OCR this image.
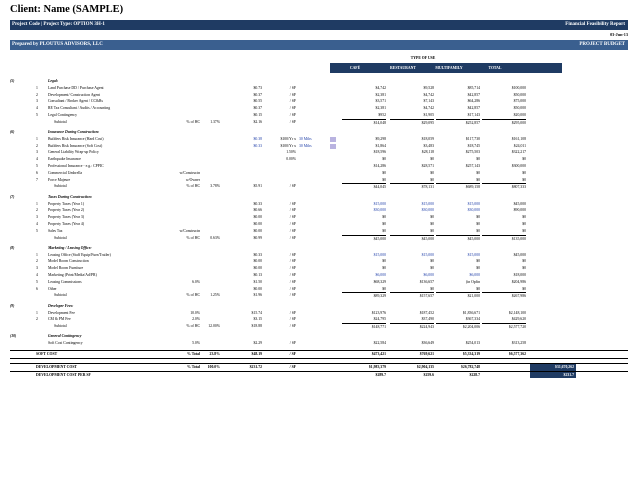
Client: Name (SAMPLE)
Project Code | Project Type: OPTION 3H-1	Financial Feasibility Report
03-Jun-13
Prepared by PLOUTUS ADVISORS, LLC	PROJECT BUDGET
TYPE OF USE
CAFÉ	RESTAURANT	MULTIFAMILY	TOTAL
(5)	Legal:
1	Land Purchase DD / Purchase Agent	$0.73	/ SF	$4,742	$9,528	$85,714	$100,000
2	Development/ Construction Agent	$0.37	/ SF	$2,381	$4,742	$42,857	$50,000
3	Consultant / Broker Agent / CC&Rs	$0.55	/ SF	$3,571	$7,143	$64,286	$75,000
4	RE Tax Consultant / Audits / Accounting	$0.37	/ SF	$2,381	$4,742	$42,857	$50,000
5	Legal Contingency	$0.15	/ SF	$952	$1,905	$17,143	$20,000
Subtotal	% of HC	1.37%	$2.16	/ SF	$14,048	$29,095	$252,857	$295,000
(6)	Insurance During Construction:
1	Builders Risk Insurance (Hard Cost)	$0.38	$100/Yr x 30 Mths	$9,298	$18,059	$117,730	$161,108
2	Builders Risk Insurance (Soft Cost)	$0.33	$100/Yr x 30 Mths	$1,864	$3,483	$18,745	$24,011
3	General Liability Wrap-up Policy	1.50%	$18,596	$28,118	$275,503	$322,217
4	Earthquake Insurance	0.00%	$0	$0	$0	$0
5	Professional Insurance - e.g.: CPPIC	$14,286	$28,571	$257,143	$300,000
6	Commercial Umbrella	w/Constructn	$0	$0	$0	$0
7	Force Majeure	w/Owner	$0	$0	$0	$0
Subtotal	% of HC	3.78%	$5.91	/ SF	$44,045	$78,131	$689,158	$807,333
(7)	Taxes During Construction:
1	Property Taxes (Year 1)	$0.33	/ SF	$15,000	$15,000	$15,000	$45,000
2	Property Taxes (Year 2)	$0.66	/ SF	$30,000	$30,000	$30,000	$90,000
3	Property Taxes (Year 3)	$0.00	/ SF	$0	$0	$0	$0
4	Property Taxes (Year 4)	$0.00	/ SF	$0	$0	$0	$0
5	Sales Tax	w/Constructn	$0.00	/ SF	$0	$0	$0	$0
Subtotal	% of HC	0.63%	$0.99	/ SF	$45,000	$45,000	$45,000	$135,000
(8)	Marketing / Leasing Office:
1	Leasing Office (Staff Equip/Furn/Trailer)	$0.33	/ SF	$15,000	$15,000	$15,000	$45,000
2	Model Room Construction	$0.00	/ SF	$0	$0	$0	$0
3	Model Room Furniture	$0.00	/ SF	$0	$0	$0	$0
4	Marketing (Print/Media/Ad/PR)	$0.13	/ SF	$6,000	$6,000	$6,000	$18,000
5	Leasing Commissions	6.0%	$1.50	/ SF	$68,329	$136,657	(in Opfin	$204,986
6	Other	$0.00	/ SF	$0	$0	$0	$0
Subtotal	% of HC	1.25%	$1.96	/ SF	$89,329	$157,657	$21,000	$267,986
(9)	Developer Fees:
1	Development Fee	10.0%	$15.74	/ SF	$123,976	$187,452	$1,836,671	$2,148,100
2	CM & PM Fee	2.0%	$3.15	/ SF	$24,795	$37,490	$367,334	$429,620
Subtotal	% of HC	12.00%	$18.88	/ SF	$148,771	$224,943	$2,204,006	$2,577,720
(10)	General Contingency
Soft Cost Contingency	5.0%	$2.29	/ SF	$22,584	$36,649	$254,013	$313,258
SOFT COST	% Total	23.8%	$48.19	/ SF	$473,421	$769,621	$5,334,319	$6,577,362
DEVELOPMENT COST	% Total	100.0%	$231.72	/ SF	$1,983,379	$2,904,135	$26,782,748	$31,670,262
DEVELOPMENT COST PER SF	$289.7	$259.6	$228.7	$231.7
